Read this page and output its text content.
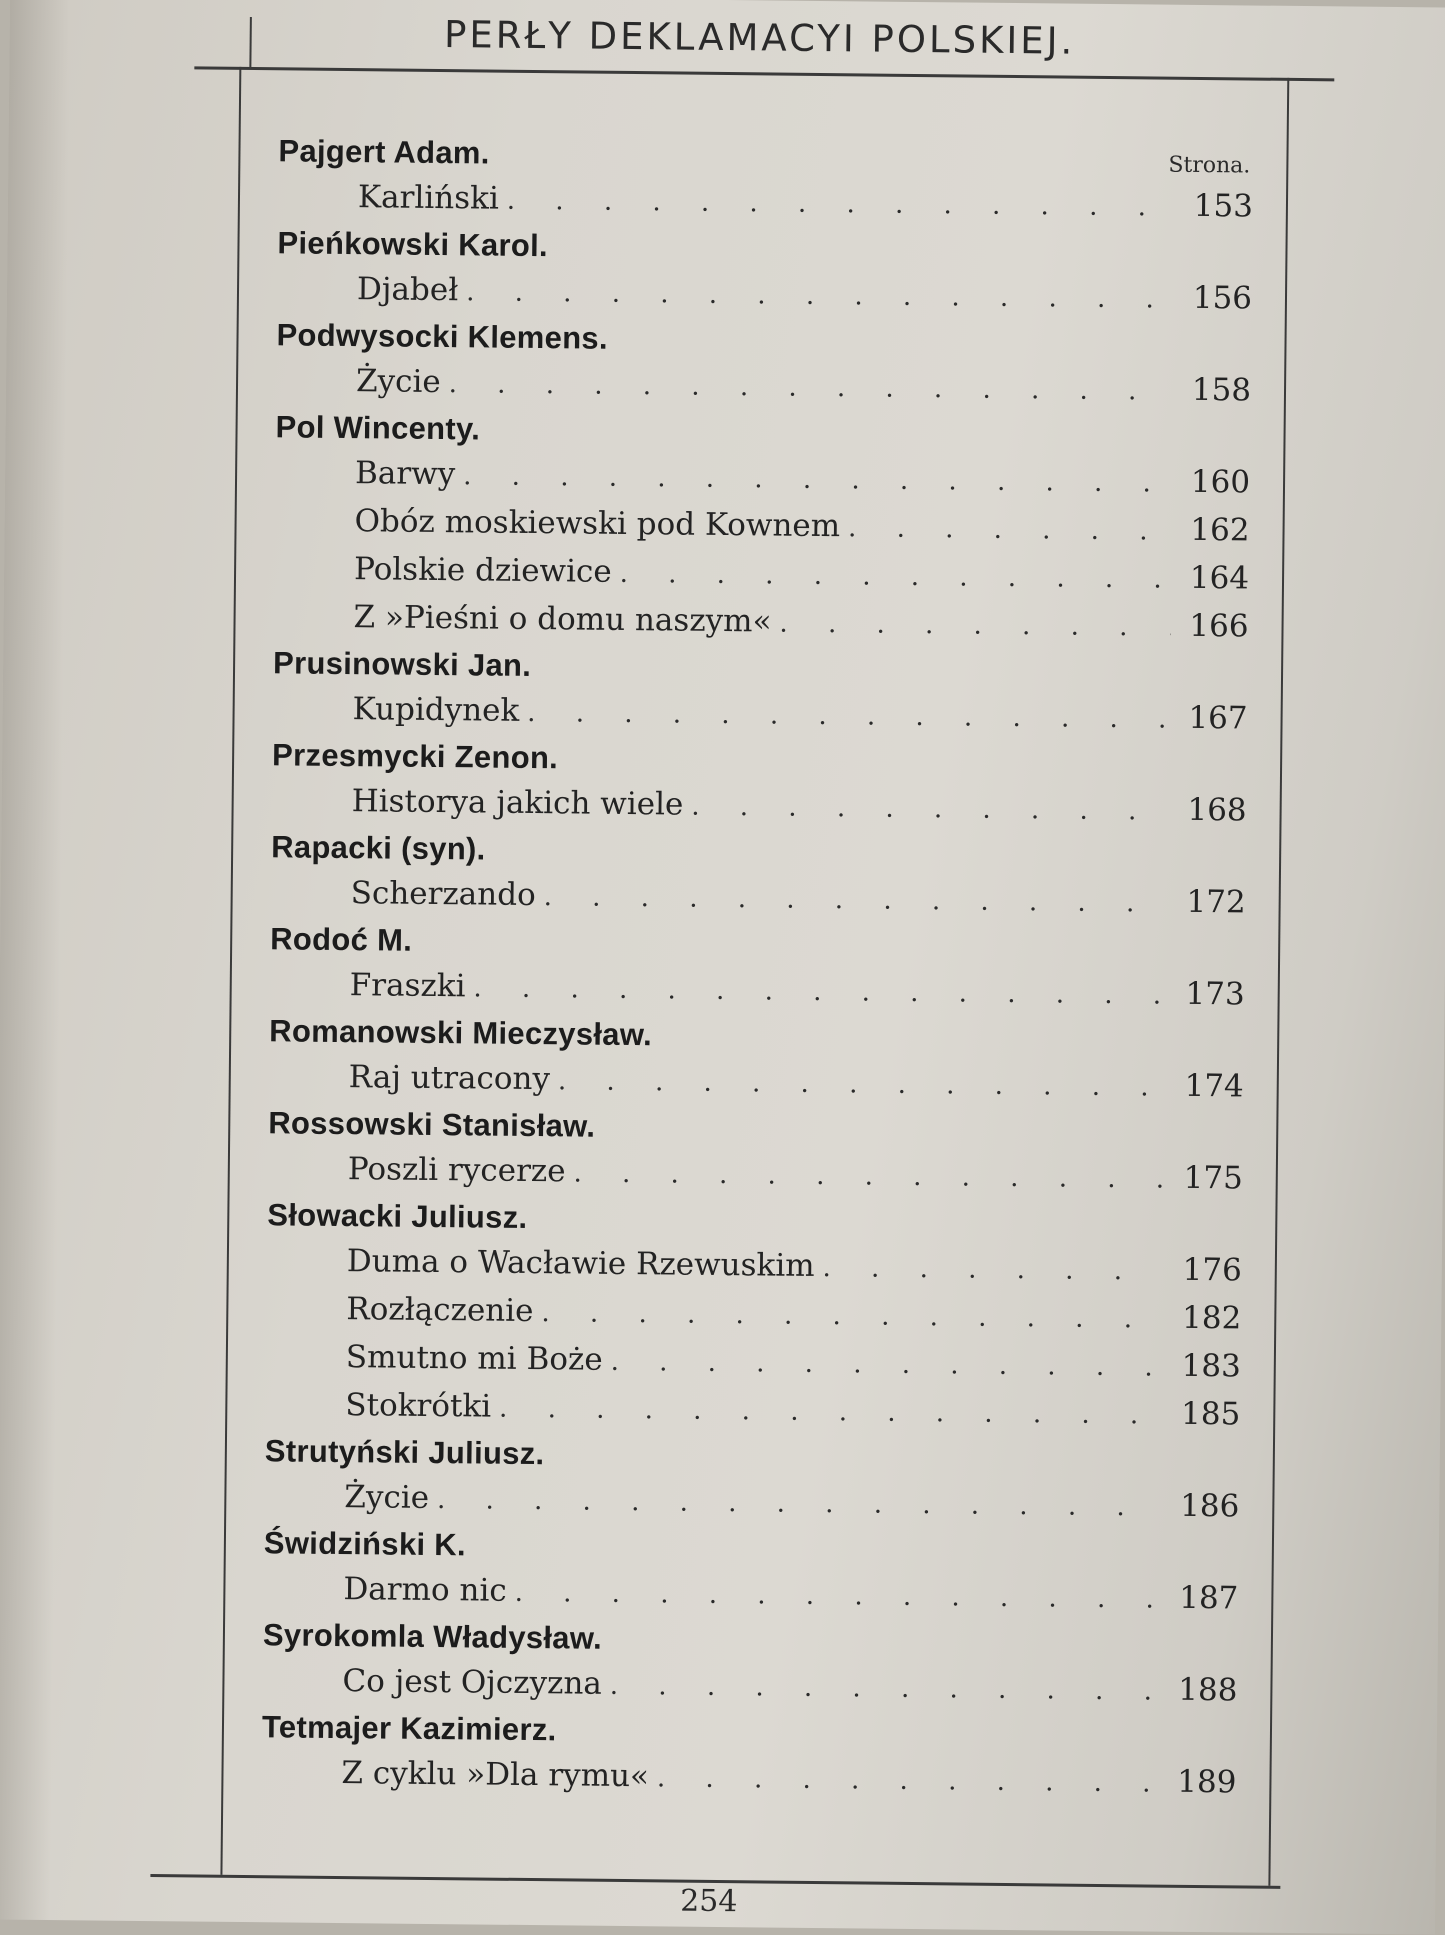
PERŁY DEKLAMACYI POLSKIEJ.
Strona.
Pajgert Adam.
Karliński . . .	153
Pieńkowski Karol.
Djabeł . . .	156
Podwysocki Klemens.
Życie . . .	158
Pol Wincenty.
Barwy . . .	160
Obóz moskiewski pod Kownem . . .	162
Polskie dziewice . . .	164
Z »Pieśni o domu naszym« . . .	166
Prusinowski Jan.
Kupidynek . . .	167
Przesmycki Zenon.
Historya jakich wiele . . .	168
Rapacki (syn).
Scherzando . . .	172
Rodoć M.
Fraszki . . .	173
Romanowski Mieczysław.
Raj utracony . . .	174
Rossowski Stanisław.
Poszli rycerze . . .	175
Słowacki Juliusz.
Duma o Wacławie Rzewuskim . . .	176
Rozłączenie . . .	182
Smutno mi Boże . . .	183
Stokrótki . . .	185
Strutyński Juliusz.
Życie . . .	186
Świdziński K.
Darmo nic . . .	187
Syrokomla Władysław.
Co jest Ojczyzna . . .	188
Tetmajer Kazimierz.
Z cyklu »Dla rymu« . . .	189
254
